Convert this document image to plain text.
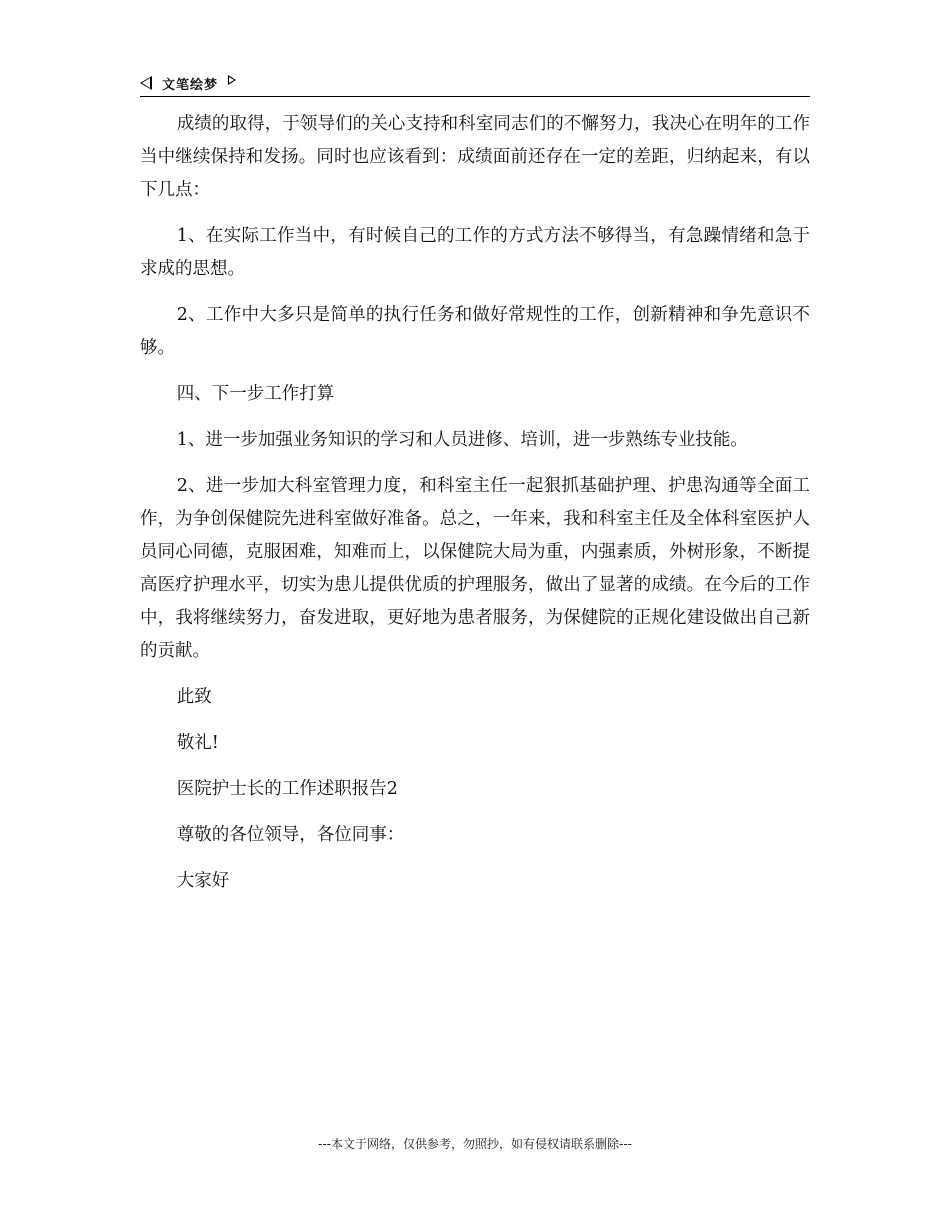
文笔绘梦

成绩的取得，于领导们的关心支持和科室同志们的不懈努力，我决心在明年的工作当中继续保持和发扬。同时也应该看到：成绩面前还存在一定的差距，归纳起来，有以下几点：

1、在实际工作当中，有时候自己的工作的方式方法不够得当，有急躁情绪和急于求成的思想。

2、工作中大多只是简单的执行任务和做好常规性的工作，创新精神和争先意识不够。

四、下一步工作打算

1、进一步加强业务知识的学习和人员进修、培训，进一步熟练专业技能。

2、进一步加大科室管理力度，和科室主任一起狠抓基础护理、护患沟通等全面工作，为争创保健院先进科室做好准备。总之，一年来，我和科室主任及全体科室医护人员同心同德，克服困难，知难而上，以保健院大局为重，内强素质，外树形象，不断提高医疗护理水平，切实为患儿提供优质的护理服务，做出了显著的成绩。在今后的工作中，我将继续努力，奋发进取，更好地为患者服务，为保健院的正规化建设做出自己新的贡献。

此致

敬礼!

医院护士长的工作述职报告2

尊敬的各位领导，各位同事：

大家好

---本文于网络，仅供参考，勿照抄，如有侵权请联系删除---
